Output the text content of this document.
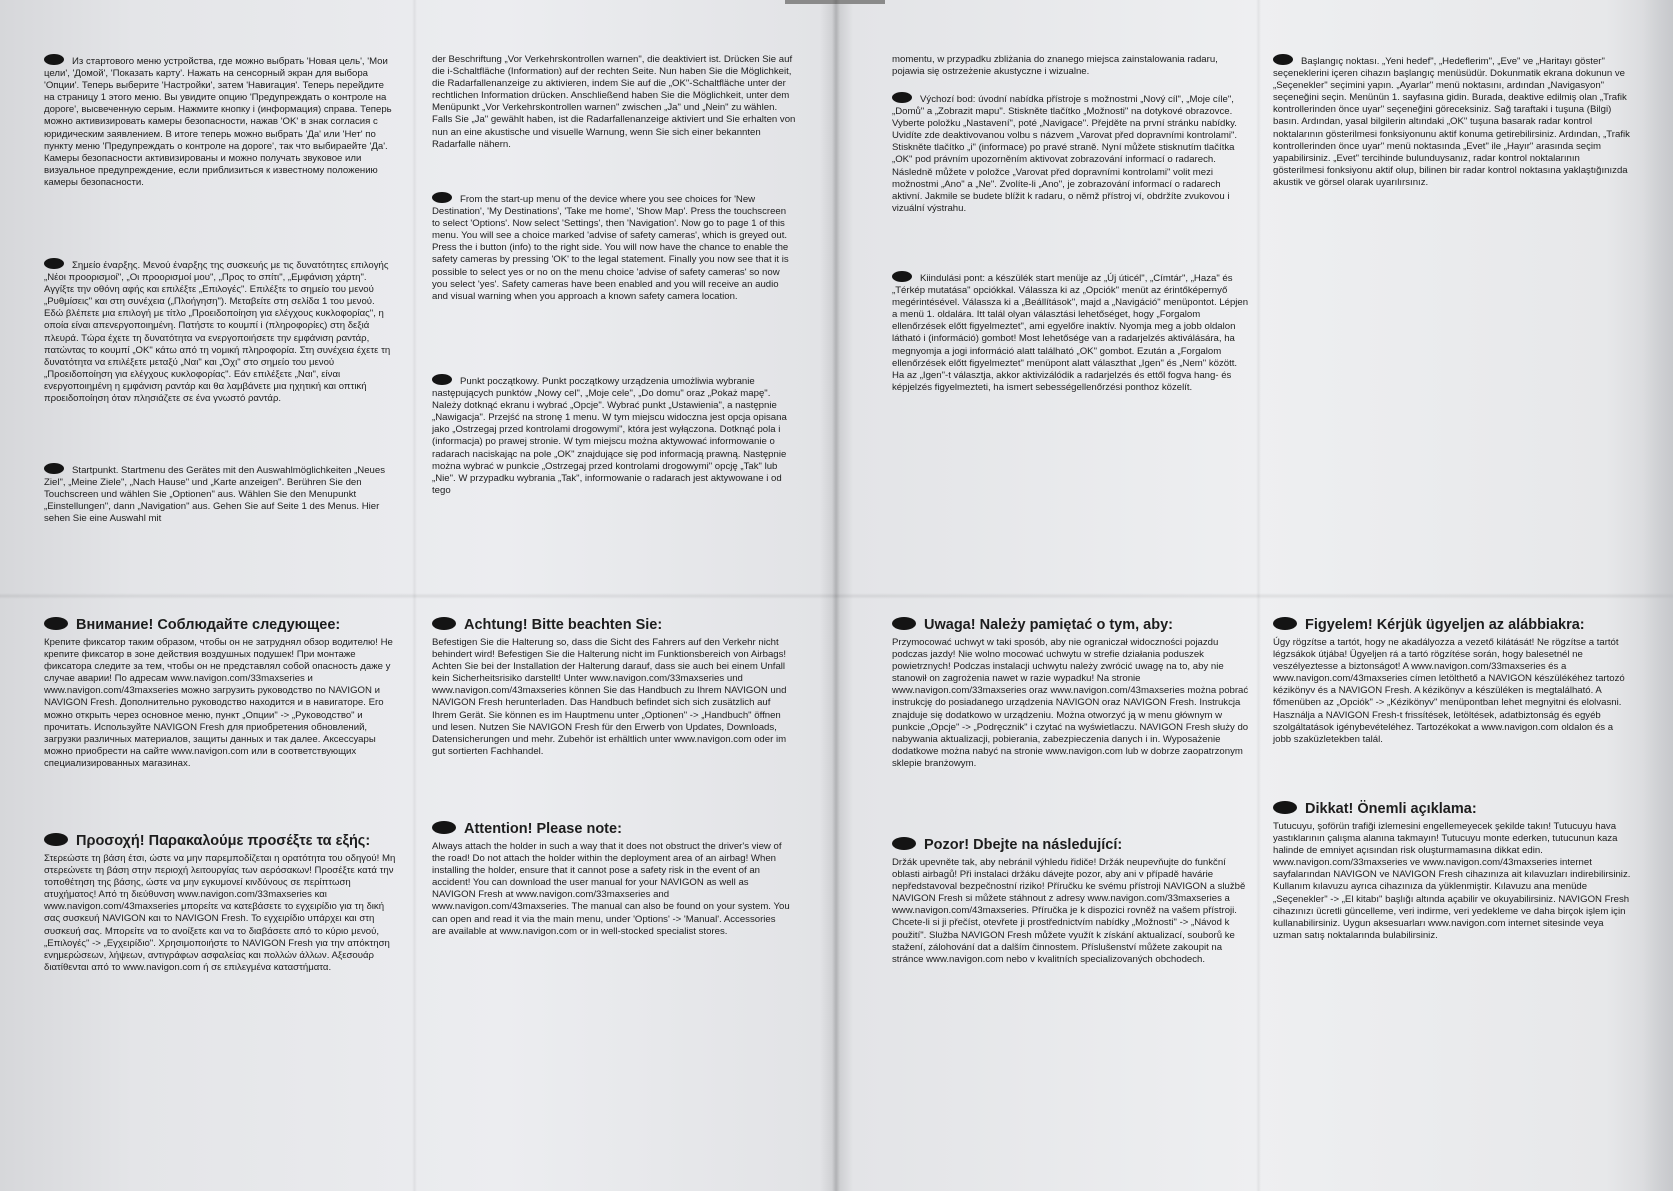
Из стартового меню устройства, где можно выбрать 'Новая цель', 'Мои цели', 'Домой', 'Показать карту'. Нажать на сенсорный экран для выбора 'Опции'. Теперь выберите 'Настройки', затем 'Навигация'. Теперь перейдите на страницу 1 этого меню. Вы увидите опцию 'Предупреждать о контроле на дороге', высвеченную серым. Нажмите кнопку i (информация) справа. Теперь можно активизировать камеры безопасности, нажав 'OK' в знак согласия с юридическим заявлением. В итоге теперь можно выбрать 'Да' или 'Нет' по пункту меню 'Предупреждать о контроле на дороге', так что выбираейте 'Да'. Камеры безопасности активизированы и можно получать звуковое или визуальное предупреждение, если приблизиться к известному положению камеры безопасности.

Σημείο έναρξης. Μενού έναρξης της συσκευής με τις δυνατότητες επιλογής „Νέοι προορισμοί", „Οι προορισμοί μου", „Προς το σπίτι", „Εμφάνιση χάρτη". Αγγίξτε την οθόνη αφής και επιλέξτε „Επιλογές". Επιλέξτε το σημείο του μενού „Ρυθμίσεις" και στη συνέχεια („Πλοήγηση"). Μεταβείτε στη σελίδα 1 του μενού. Εδώ βλέπετε μια επιλογή με τίτλο „Προειδοποίηση για ελέγχους κυκλοφορίας", η οποία είναι απενεργοποιημένη. Πατήστε το κουμπί i (πληροφορίες) στη δεξιά πλευρά. Τώρα έχετε τη δυνατότητα να ενεργοποιήσετε την εμφάνιση ραντάρ, πατώντας το κουμπί „OK" κάτω από τη νομική πληροφορία. Στη συνέχεια έχετε τη δυνατότητα να επιλέξετε μεταξύ „Ναι" και „Όχι" στο σημείο του μενού „Προειδοποίηση για ελέγχους κυκλοφορίας". Εάν επιλέξετε „Ναι", είναι ενεργοποιημένη η εμφάνιση ραντάρ και θα λαμβάνετε μια ηχητική και οπτική προειδοποίηση όταν πλησιάζετε σε ένα γνωστό ραντάρ.

Startpunkt. Startmenu des Gerätes mit den Auswahlmöglichkeiten „Neues Ziel", „Meine Ziele", „Nach Hause" und „Karte anzeigen". Berühren Sie den Touchscreen und wählen Sie „Optionen" aus. Wählen Sie den Menupunkt „Einstellungen", dann „Navigation" aus. Gehen Sie auf Seite 1 des Menus. Hier sehen Sie eine Auswahl mit

der Beschriftung „Vor Verkehrskontrollen warnen", die deaktiviert ist. Drücken Sie auf die i-Schaltfläche (Information) auf der rechten Seite. Nun haben Sie die Möglichkeit, die Radarfallenanzeige zu aktivieren, indem Sie auf die „OK"-Schaltfläche unter der rechtlichen Information drücken. Anschließend haben Sie die Möglichkeit, unter dem Menüpunkt „Vor Verkehrskontrollen warnen" zwischen „Ja" und „Nein" zu wählen. Falls Sie „Ja" gewählt haben, ist die Radarfallenanzeige aktiviert und Sie erhalten von nun an eine akustische und visuelle Warnung, wenn Sie sich einer bekannten Radarfalle nähern.

From the start-up menu of the device where you see choices for 'New Destination', 'My Destinations', 'Take me home', 'Show Map'. Press the touchscreen to select 'Options'. Now select 'Settings', then 'Navigation'. Now go to page 1 of this menu. You will see a choice marked 'advise of safety cameras', which is greyed out. Press the i button (info) to the right side. You will now have the chance to enable the safety cameras by pressing 'OK' to the legal statement. Finally you now see that it is possible to select yes or no on the menu choice 'advise of safety cameras' so now you select 'yes'. Safety cameras have been enabled and you will receive an audio and visual warning when you approach a known safety camera location.

Punkt początkowy. Punkt początkowy urządzenia umożliwia wybranie następujących punktów „Nowy cel", „Moje cele", „Do domu" oraz „Pokaż mapę". Należy dotknąć ekranu i wybrać „Opcje". Wybrać punkt „Ustawienia", a następnie „Nawigacja". Przejść na stronę 1 menu. W tym miejscu widoczna jest opcja opisana jako „Ostrzegaj przed kontrolami drogowymi", która jest wyłączona. Dotknąć pola i (informacja) po prawej stronie. W tym miejscu można aktywować informowanie o radarach naciskając na pole „OK" znajdujące się pod informacją prawną. Następnie można wybrać w punkcie „Ostrzegaj przed kontrolami drogowymi" opcję „Tak" lub „Nie". W przypadku wybrania „Tak", informowanie o radarach jest aktywowane i od tego

momentu, w przypadku zbliżania do znanego miejsca zainstalowania radaru, pojawia się ostrzeżenie akustyczne i wizualne.

Výchozí bod: úvodní nabídka přístroje s možnostmi „Nový cíl", „Moje cíle", „Domů" a „Zobrazit mapu". Stiskněte tlačítko „Možnosti" na dotykové obrazovce. Vyberte položku „Nastavení", poté „Navigace". Přejděte na první stránku nabídky. Uvidíte zde deaktivovanou volbu s názvem „Varovat před dopravními kontrolami". Stiskněte tlačítko „i" (informace) po pravé straně. Nyní můžete stisknutím tlačítka „OK" pod právním upozorněním aktivovat zobrazování informací o radarech. Následně můžete v položce „Varovat před dopravními kontrolami" volit mezi možnostmi „Ano" a „Ne". Zvolíte-li „Ano", je zobrazování informací o radarech aktivní. Jakmile se budete blížit k radaru, o němž přístroj ví, obdržíte zvukovou i vizuální výstrahu.

Kiindulási pont: a készülék start menüje az „Új úticél", „Címtár", „Haza" és „Térkép mutatása" opciókkal. Válassza ki az „Opciók" menüt az érintőképernyő megérintésével. Válassza ki a „Beállítások", majd a „Navigáció" menüpontot. Lépjen a menü 1. oldalára. Itt talál olyan választási lehetőséget, hogy „Forgalom ellenőrzések előtt figyelmeztet", ami egyelőre inaktív. Nyomja meg a jobb oldalon látható i (információ) gombot! Most lehetősége van a radarjelzés aktiválására, ha megnyomja a jogi információ alatt található „OK" gombot. Ezután a „Forgalom ellenőrzések előtt figyelmeztet" menüpont alatt választhat „Igen" és „Nem" között. Ha az „Igen"-t választja, akkor aktivizálódik a radarjelzés és ettől fogva hang- és képjelzés figyelmezteti, ha ismert sebességellenőrzési ponthoz közelít.

Başlangıç noktası. „Yeni hedef", „Hedeflerim", „Eve" ve „Haritayı göster" seçeneklerini içeren cihazın başlangıç menüsüdür. Dokunmatik ekrana dokunun ve „Seçenekler" seçimini yapın. „Ayarlar" menü noktasını, ardından „Navigasyon" seçeneğini seçin. Menünün 1. sayfasına gidin. Burada, deaktive edilmiş olan „Trafik kontrollerinden önce uyar" seçeneğini göreceksiniz. Sağ taraftaki i tuşuna (Bilgi) basın. Ardından, yasal bilgilerin altındaki „OK" tuşuna basarak radar kontrol noktalarının gösterilmesi fonksiyonunu aktif konuma getirebilirsiniz. Ardından, „Trafik kontrollerinden önce uyar" menü noktasında „Evet" ile „Hayır" arasında seçim yapabilirsiniz. „Evet" tercihinde bulunduysanız, radar kontrol noktalarının gösterilmesi fonksiyonu aktif olup, bilinen bir radar kontrol noktasına yaklaştığınızda akustik ve görsel olarak uyarılırsınız.

Внимание! Соблюдайте следующее:

Крепите фиксатор таким образом, чтобы он не затруднял обзор водителю! Не крепите фиксатор в зоне действия воздушных подушек! При монтаже фиксатора следите за тем, чтобы он не представлял собой опасность даже у случае аварии! По адресам www.navigon.com/33maxseries и www.navigon.com/43maxseries можно загрузить руководство по NAVIGON и NAVIGON Fresh. Дополнительно руководство находится и в навигаторе. Его можно открыть через основное меню, пункт „Опции" -> „Руководство" и прочитать. Используйте NAVIGON Fresh для приобретения обновлений, загрузки различных материалов, защиты данных и так далее. Аксессуары можно приобрести на сайте www.navigon.com или в соответствующих специализированных магазинах.

Προσοχή! Παρακαλούμε προσέξτε τα εξής:

Στερεώστε τη βάση έτσι, ώστε να μην παρεμποδίζεται η ορατότητα του οδηγού! Μη στερεώνετε τη βάση στην περιοχή λειτουργίας των αερόσακων! Προσέξτε κατά την τοποθέτηση της βάσης, ώστε να μην εγκυμονεί κινδύνους σε περίπτωση ατυχήματος! Από τη διεύθυνση www.navigon.com/33maxseries και www.navigon.com/43maxseries μπορείτε να κατεβάσετε το εγχειρίδιο για τη δική σας συσκευή NAVIGON και το NAVIGON Fresh. Το εγχειρίδιο υπάρχει και στη συσκευή σας. Μπορείτε να το ανοίξετε και να το διαβάσετε από το κύριο μενού, „Επιλογές" -> „Εγχειρίδιο". Χρησιμοποιήστε το NAVIGON Fresh για την απόκτηση ενημερώσεων, λήψεων, αντιγράφων ασφαλείας και πολλών άλλων. Αξεσουάρ διατίθενται από το www.navigon.com ή σε επιλεγμένα καταστήματα.

Achtung! Bitte beachten Sie:

Befestigen Sie die Halterung so, dass die Sicht des Fahrers auf den Verkehr nicht behindert wird! Befestigen Sie die Halterung nicht im Funktionsbereich von Airbags! Achten Sie bei der Installation der Halterung darauf, dass sie auch bei einem Unfall kein Sicherheitsrisiko darstellt! Unter www.navigon.com/33maxseries und www.navigon.com/43maxseries können Sie das Handbuch zu Ihrem NAVIGON und NAVIGON Fresh herunterladen. Das Handbuch befindet sich sich zusätzlich auf Ihrem Gerät. Sie können es im Hauptmenu unter „Optionen" -> „Handbuch" öffnen und lesen. Nutzen Sie NAVIGON Fresh für den Erwerb von Updates, Downloads, Datensicherungen und mehr. Zubehör ist erhältlich unter www.navigon.com oder im gut sortierten Fachhandel.

Attention! Please note:

Always attach the holder in such a way that it does not obstruct the driver's view of the road! Do not attach the holder within the deployment area of an airbag! When installing the holder, ensure that it cannot pose a safety risk in the event of an accident! You can download the user manual for your NAVIGON as well as NAVIGON Fresh at www.navigon.com/33maxseries and www.navigon.com/43maxseries. The manual can also be found on your system. You can open and read it via the main menu, under 'Options' -> 'Manual'. Accessories are available at www.navigon.com or in well-stocked specialist stores.

Uwaga! Należy pamiętać o tym, aby:

Przymocować uchwyt w taki sposób, aby nie ograniczał widoczności pojazdu podczas jazdy! Nie wolno mocować uchwytu w strefie działania poduszek powietrznych! Podczas instalacji uchwytu należy zwrócić uwagę na to, aby nie stanowił on zagrożenia nawet w razie wypadku! Na stronie www.navigon.com/33maxseries oraz www.navigon.com/43maxseries można pobrać instrukcję do posiadanego urządzenia NAVIGON oraz NAVIGON Fresh. Instrukcja znajduje się dodatkowo w urządzeniu. Można otworzyć ją w menu głównym w punkcie „Opcje" -> „Podręcznik" i czytać na wyświetlaczu. NAVIGON Fresh służy do nabywania aktualizacji, pobierania, zabezpieczenia danych i in. Wyposażenie dodatkowe można nabyć na stronie www.navigon.com lub w dobrze zaopatrzonym sklepie branżowym.

Pozor! Dbejte na následující:

Držák upevněte tak, aby nebránil výhledu řidiče! Držák neupevňujte do funkční oblasti airbagů! Při instalaci držáku dávejte pozor, aby ani v případě havárie nepředstavoval bezpečnostní riziko! Příručku ke svému přístroji NAVIGON a službě NAVIGON Fresh si můžete stáhnout z adresy www.navigon.com/33maxseries a www.navigon.com/43maxseries. Příručka je k dispozici rovněž na vašem přístroji. Chcete-li si ji přečíst, otevřete ji prostřednictvím nabídky „Možnosti" -> „Návod k použití". Služba NAVIGON Fresh můžete využít k získání aktualizací, souborů ke stažení, zálohování dat a dalším činnostem. Příslušenství můžete zakoupit na stránce www.navigon.com nebo v kvalitních specializovaných obchodech.

Figyelem! Kérjük ügyeljen az alábbiakra:

Úgy rögzítse a tartót, hogy ne akadályozza a vezető kilátását! Ne rögzítse a tartót légzsákok útjába! Ügyeljen rá a tartó rögzítése során, hogy balesetnél ne veszélyeztesse a biztonságot! A www.navigon.com/33maxseries és a www.navigon.com/43maxseries címen letölthető a NAVIGON készülékéhez tartozó kézikönyv és a NAVIGON Fresh. A kézikönyv a készüléken is megtalálható. A főmenüben az „Opciók" -> „Kézikönyv" menüpontban lehet megnyitni és elolvasni. Használja a NAVIGON Fresh-t frissítések, letöltések, adatbiztonság és egyéb szolgáltatások igénybevételéhez. Tartozékokat a www.navigon.com oldalon és a jobb szaküzletekben talál.

Dikkat! Önemli açıklama:

Tutucuyu, şoförün trafiği izlemesini engellemeyecek şekilde takın! Tutucuyu hava yastıklarının çalışma alanına takmayın! Tutucuyu monte ederken, tutucunun kaza halinde de emniyet açısından risk oluşturmamasına dikkat edin. www.navigon.com/33maxseries ve www.navigon.com/43maxseries internet sayfalarından NAVIGON ve NAVIGON Fresh cihazınıza ait kılavuzları indirebilirsiniz. Kullanım kılavuzu ayrıca cihazınıza da yüklenmiştir. Kılavuzu ana menüde „Seçenekler" -> „El kitabı" başlığı altında açabilir ve okuyabilirsiniz. NAVIGON Fresh cihazınızı ücretli güncelleme, veri indirme, veri yedekleme ve daha birçok işlem için kullanabilirsiniz. Uygun aksesuarları www.navigon.com internet sitesinde veya uzman satış noktalarında bulabilirsiniz.
